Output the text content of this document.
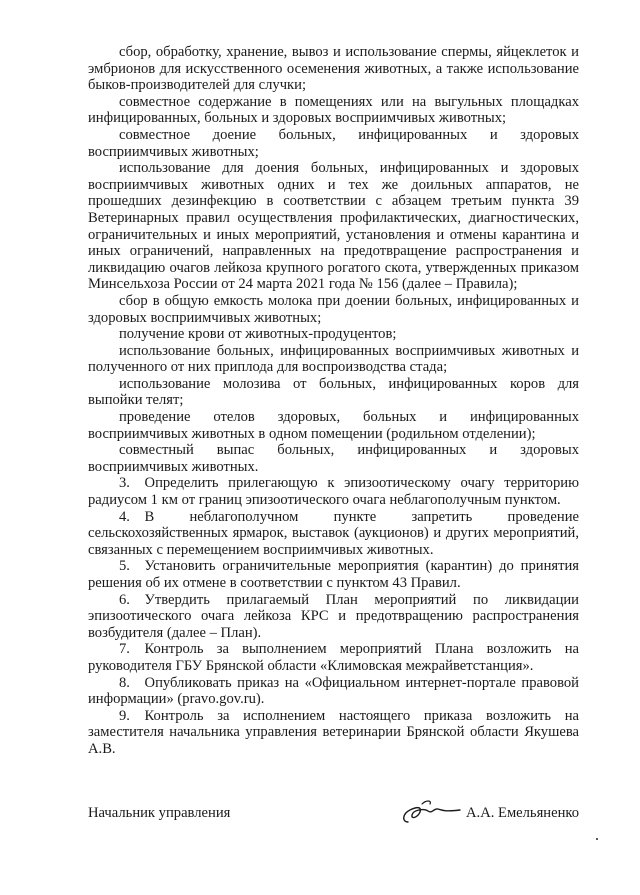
сбор, обработку, хранение, вывоз и использование спермы, яйцеклеток и эмбрионов для искусственного осеменения животных, а также использование быков-производителей для случки;

совместное содержание в помещениях или на выгульных площадках инфицированных, больных и здоровых восприимчивых животных;

совместное доение больных, инфицированных и здоровых восприимчивых животных;

использование для доения больных, инфицированных и здоровых восприимчивых животных одних и тех же доильных аппаратов, не прошедших дезинфекцию в соответствии с абзацем третьим пункта 39 Ветеринарных правил осуществления профилактических, диагностических, ограничительных и иных мероприятий, установления и отмены карантина и иных ограничений, направленных на предотвращение распространения и ликвидацию очагов лейкоза крупного рогатого скота, утвержденных приказом Минсельхоза России от 24 марта 2021 года № 156 (далее – Правила);

сбор в общую емкость молока при доении больных, инфицированных и здоровых восприимчивых животных;

получение крови от животных-продуцентов;

использование больных, инфицированных восприимчивых животных и полученного от них приплода для воспроизводства стада;

использование молозива от больных, инфицированных коров для выпойки телят;

проведение отелов здоровых, больных и инфицированных восприимчивых животных в одном помещении (родильном отделении);

совместный выпас больных, инфицированных и здоровых восприимчивых животных.

3. Определить прилегающую к эпизоотическому очагу территорию радиусом 1 км от границ эпизоотического очага неблагополучным пунктом.

4. В неблагополучном пункте запретить проведение сельскохозяйственных ярмарок, выставок (аукционов) и других мероприятий, связанных с перемещением восприимчивых животных.

5. Установить ограничительные мероприятия (карантин) до принятия решения об их отмене в соответствии с пунктом 43 Правил.

6. Утвердить прилагаемый План мероприятий по ликвидации эпизоотического очага лейкоза КРС и предотвращению распространения возбудителя (далее – План).

7. Контроль за выполнением мероприятий Плана возложить на руководителя ГБУ Брянской области «Климовская межрайветстанция».

8. Опубликовать приказ на «Официальном интернет-портале правовой информации» (pravo.gov.ru).

9. Контроль за исполнением настоящего приказа возложить на заместителя начальника управления ветеринарии Брянской области Якушева А.В.

Начальник управления	А.А. Емельяненко
